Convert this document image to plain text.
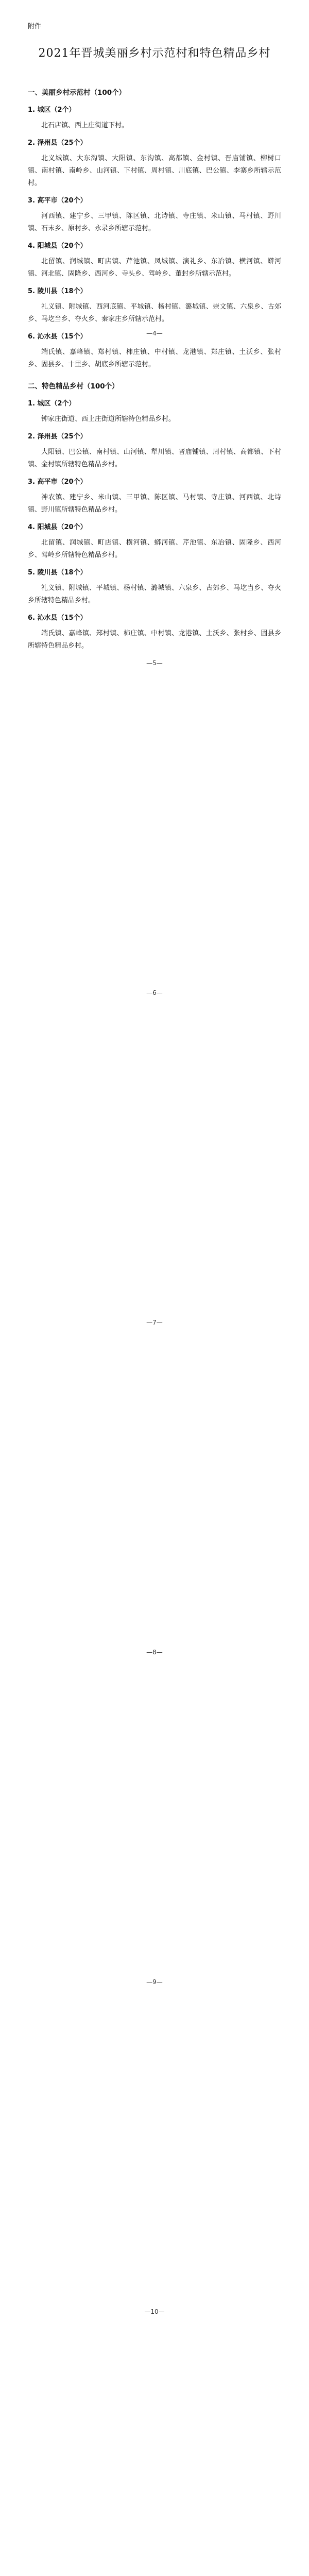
附件
2021年晋城美丽乡村示范村和特色精品乡村
一、美丽乡村示范村（100个）
1. 城区（2个）

北石店镇、西上庄街道下村。

2. 泽州县（25个）

北义城镇、大东沟镇、大阳镇、东沟镇、高都镇、金村镇、晋庙铺镇、柳树口镇、南村镇、南岭乡、山河镇、下村镇、周村镇、川底镇、巴公镇、李寨乡所辖示范村。

3. 高平市（20个）

河西镇、建宁乡、三甲镇、陈区镇、北诗镇、寺庄镇、米山镇、马村镇、野川镇、石末乡、原村乡、永录乡所辖示范村。

4. 阳城县（20个）

北留镇、润城镇、町店镇、芹池镇、凤城镇、演礼乡、东冶镇、横河镇、蟒河镇、河北镇、固隆乡、西河乡、寺头乡、驾岭乡、董封乡所辖示范村。

5. 陵川县（18个）

礼义镇、附城镇、西河底镇、平城镇、杨村镇、潞城镇、崇文镇、六泉乡、古郊乡、马圪当乡、夺火乡、秦家庄乡所辖示范村。

6. 沁水县（15个）

端氏镇、嘉峰镇、郑村镇、柿庄镇、中村镇、龙港镇、郑庄镇、土沃乡、张村乡、固县乡、十里乡、胡底乡所辖示范村。

二、特色精品乡村（100个）
1. 城区（2个）

钟家庄街道、西上庄街道所辖特色精品乡村。

2. 泽州县（25个）

大阳镇、巴公镇、南村镇、山河镇、犁川镇、晋庙铺镇、周村镇、高都镇、下村镇、金村镇所辖特色精品乡村。

3. 高平市（20个）

神农镇、建宁乡、米山镇、三甲镇、陈区镇、马村镇、寺庄镇、河西镇、北诗镇、野川镇所辖特色精品乡村。

4. 阳城县（20个）

北留镇、润城镇、町店镇、横河镇、蟒河镇、芹池镇、东冶镇、固隆乡、西河乡、驾岭乡所辖特色精品乡村。

5. 陵川县（18个）

礼义镇、附城镇、平城镇、杨村镇、潞城镇、六泉乡、古郊乡、马圪当乡、夺火乡所辖特色精品乡村。

6. 沁水县（15个）

端氏镇、嘉峰镇、郑村镇、柿庄镇、中村镇、龙港镇、土沃乡、张村乡、固县乡所辖特色精品乡村。

—4—
—5—
—6—
—7—
—8—
—9—
—10—
